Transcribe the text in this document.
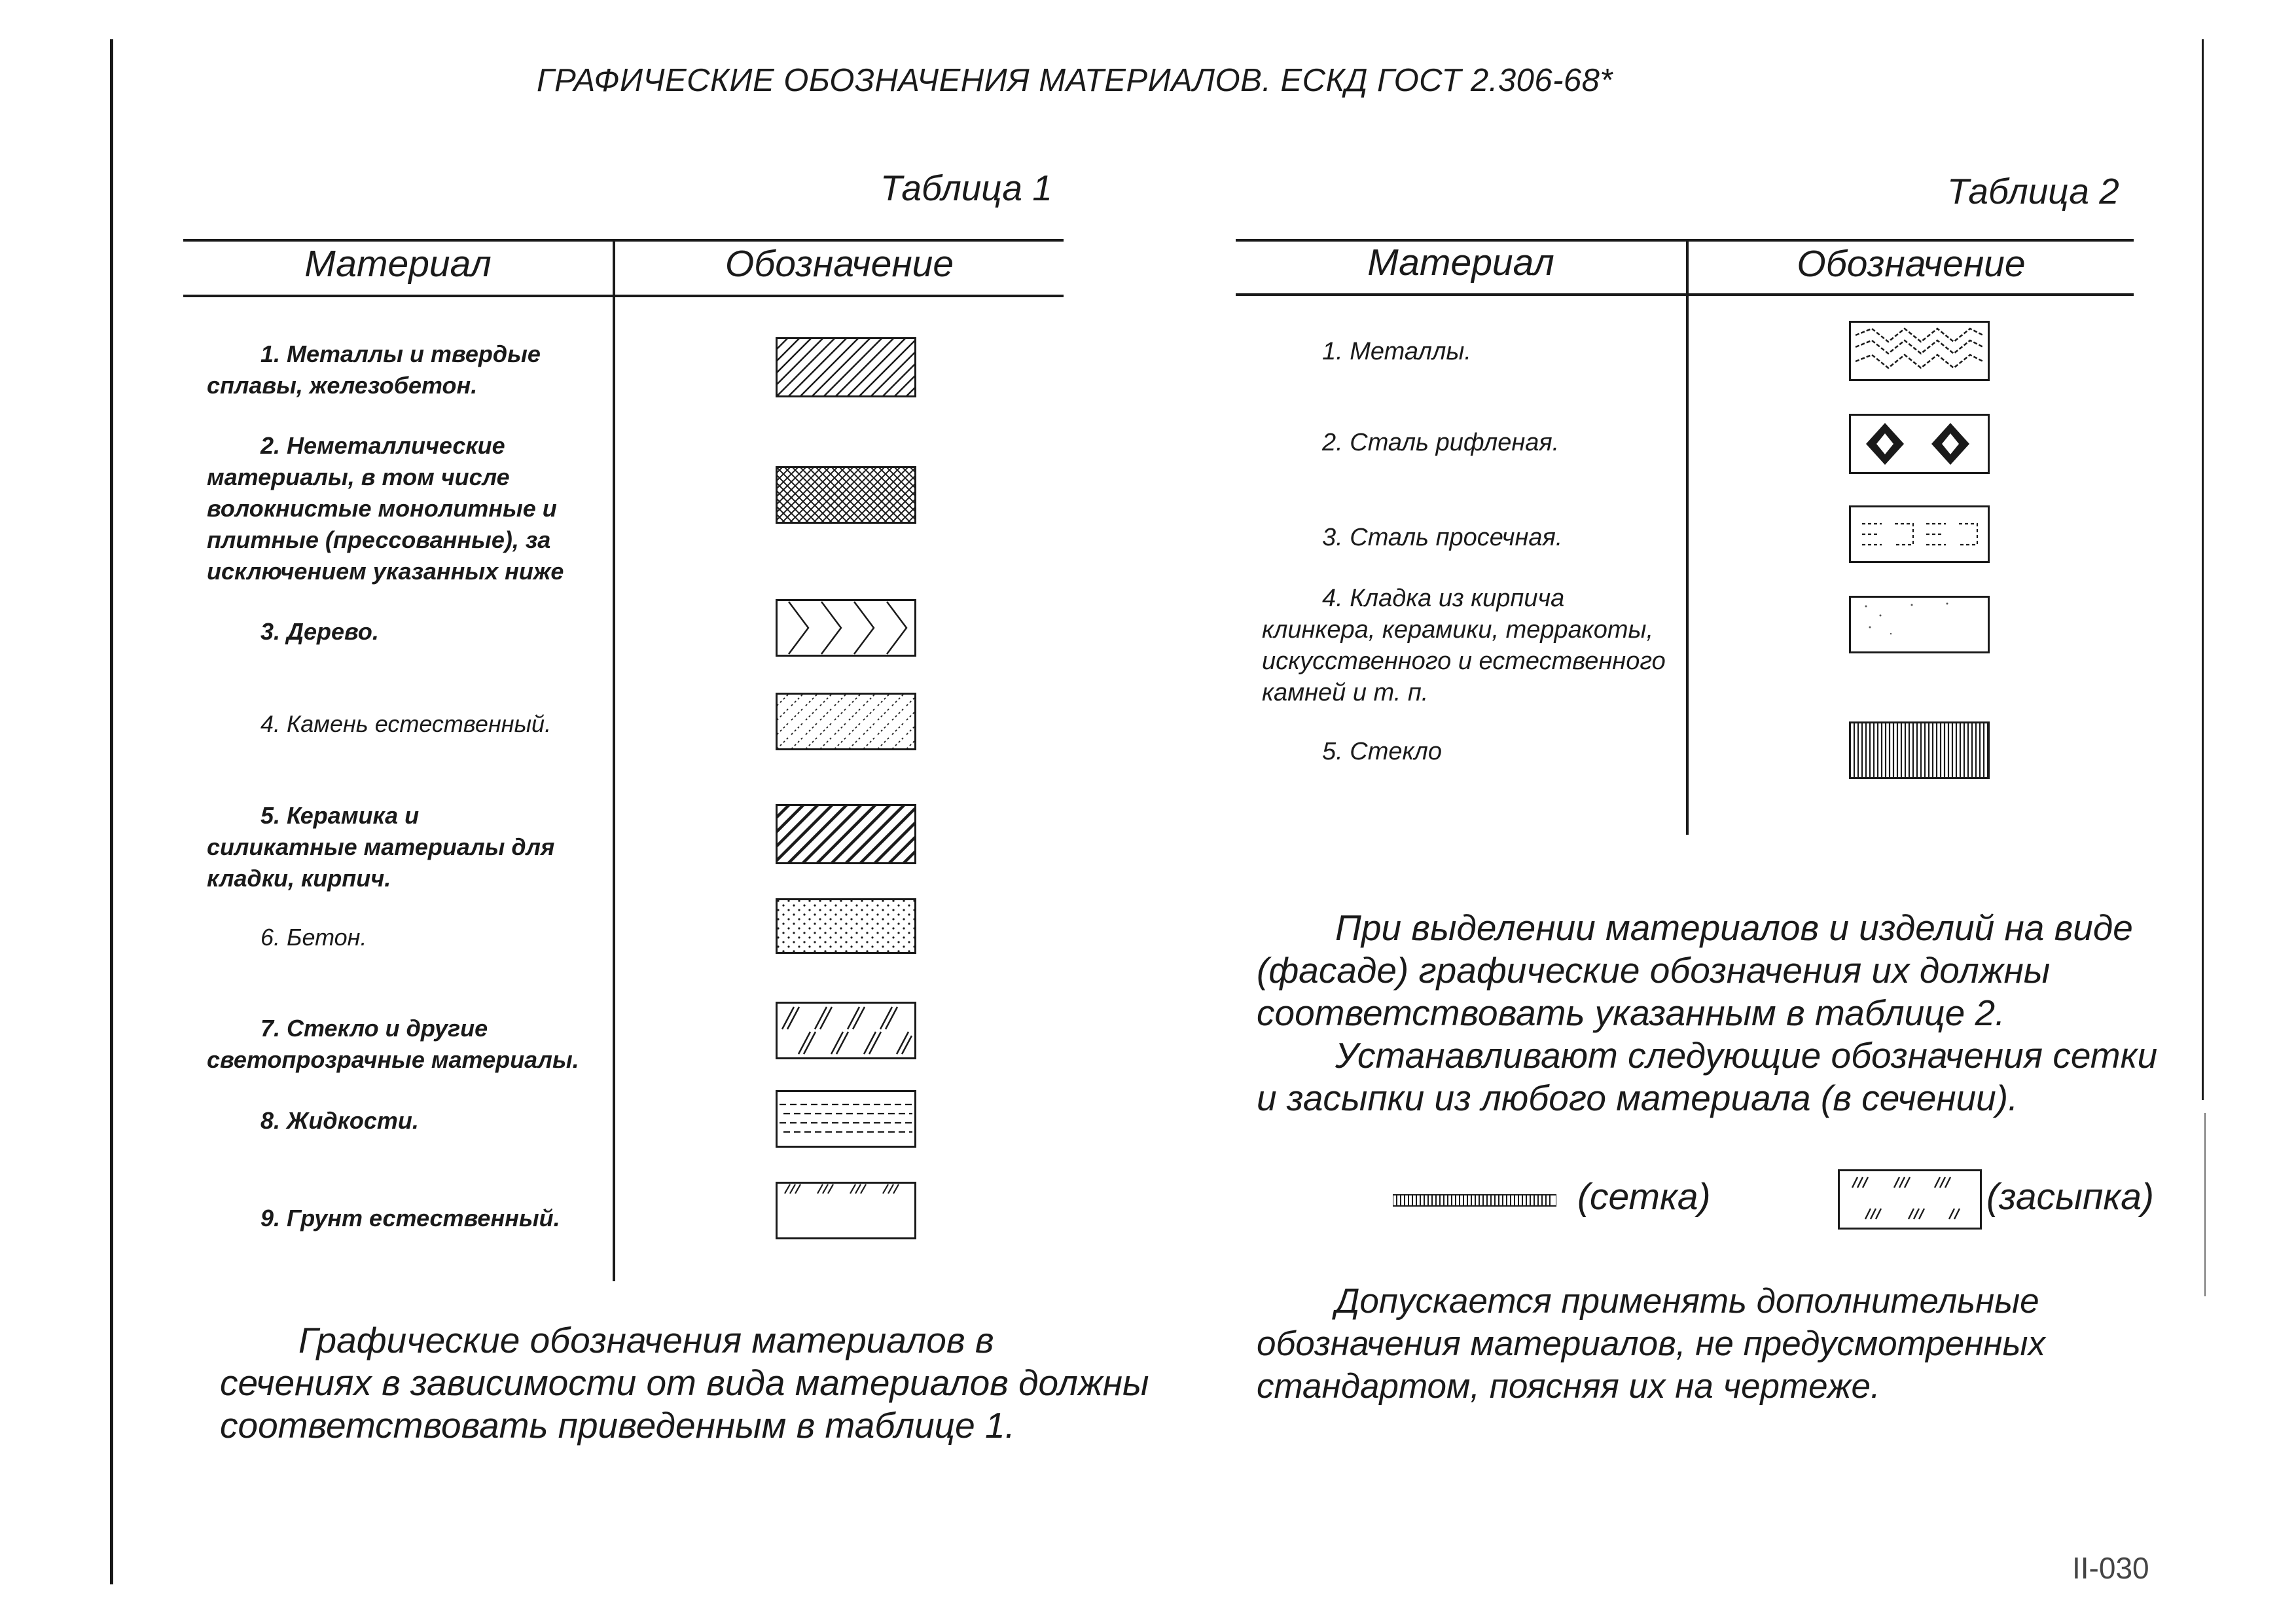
ГРАФИЧЕСКИЕ ОБОЗНАЧЕНИЯ МАТЕРИАЛОВ. ЕСКД ГОСТ 2.306-68*
Таблица 1
Материал	Обозначение
1. Металлы и твердые сплавы, железобетон.
2. Неметаллические материалы, в том числе волокнистые монолитные и плитные (прессованные), за исключением указанных ниже
3. Дерево.
4. Камень естественный.
5. Керамика и силикатные материалы для кладки, кирпич.
6. Бетон.
7. Стекло и другие светопрозрачные материалы.
8. Жидкости.
9. Грунт естественный.
Таблица 2
Материал	Обозначение
1. Металлы.
2. Сталь рифленая.
3. Сталь просечная.
4. Кладка из кирпича клинкера, керамики, терракоты, искусственного и естественного камней и т. п.
5. Стекло
При выделении материалов и изделий на виде (фасаде) графические обозначения их должны соответствовать указанным в таблице 2.
Устанавливают следующие обозначения сетки и засыпки из любого материала (в сечении).
(сетка)	(засыпка)
Допускается применять дополнительные обозначения материалов, не предусмотренных стандартом, поясняя их на чертеже.
Графические обозначения материалов в сечениях в зависимости от вида материалов должны соответствовать приведенным в таблице 1.
II-030
